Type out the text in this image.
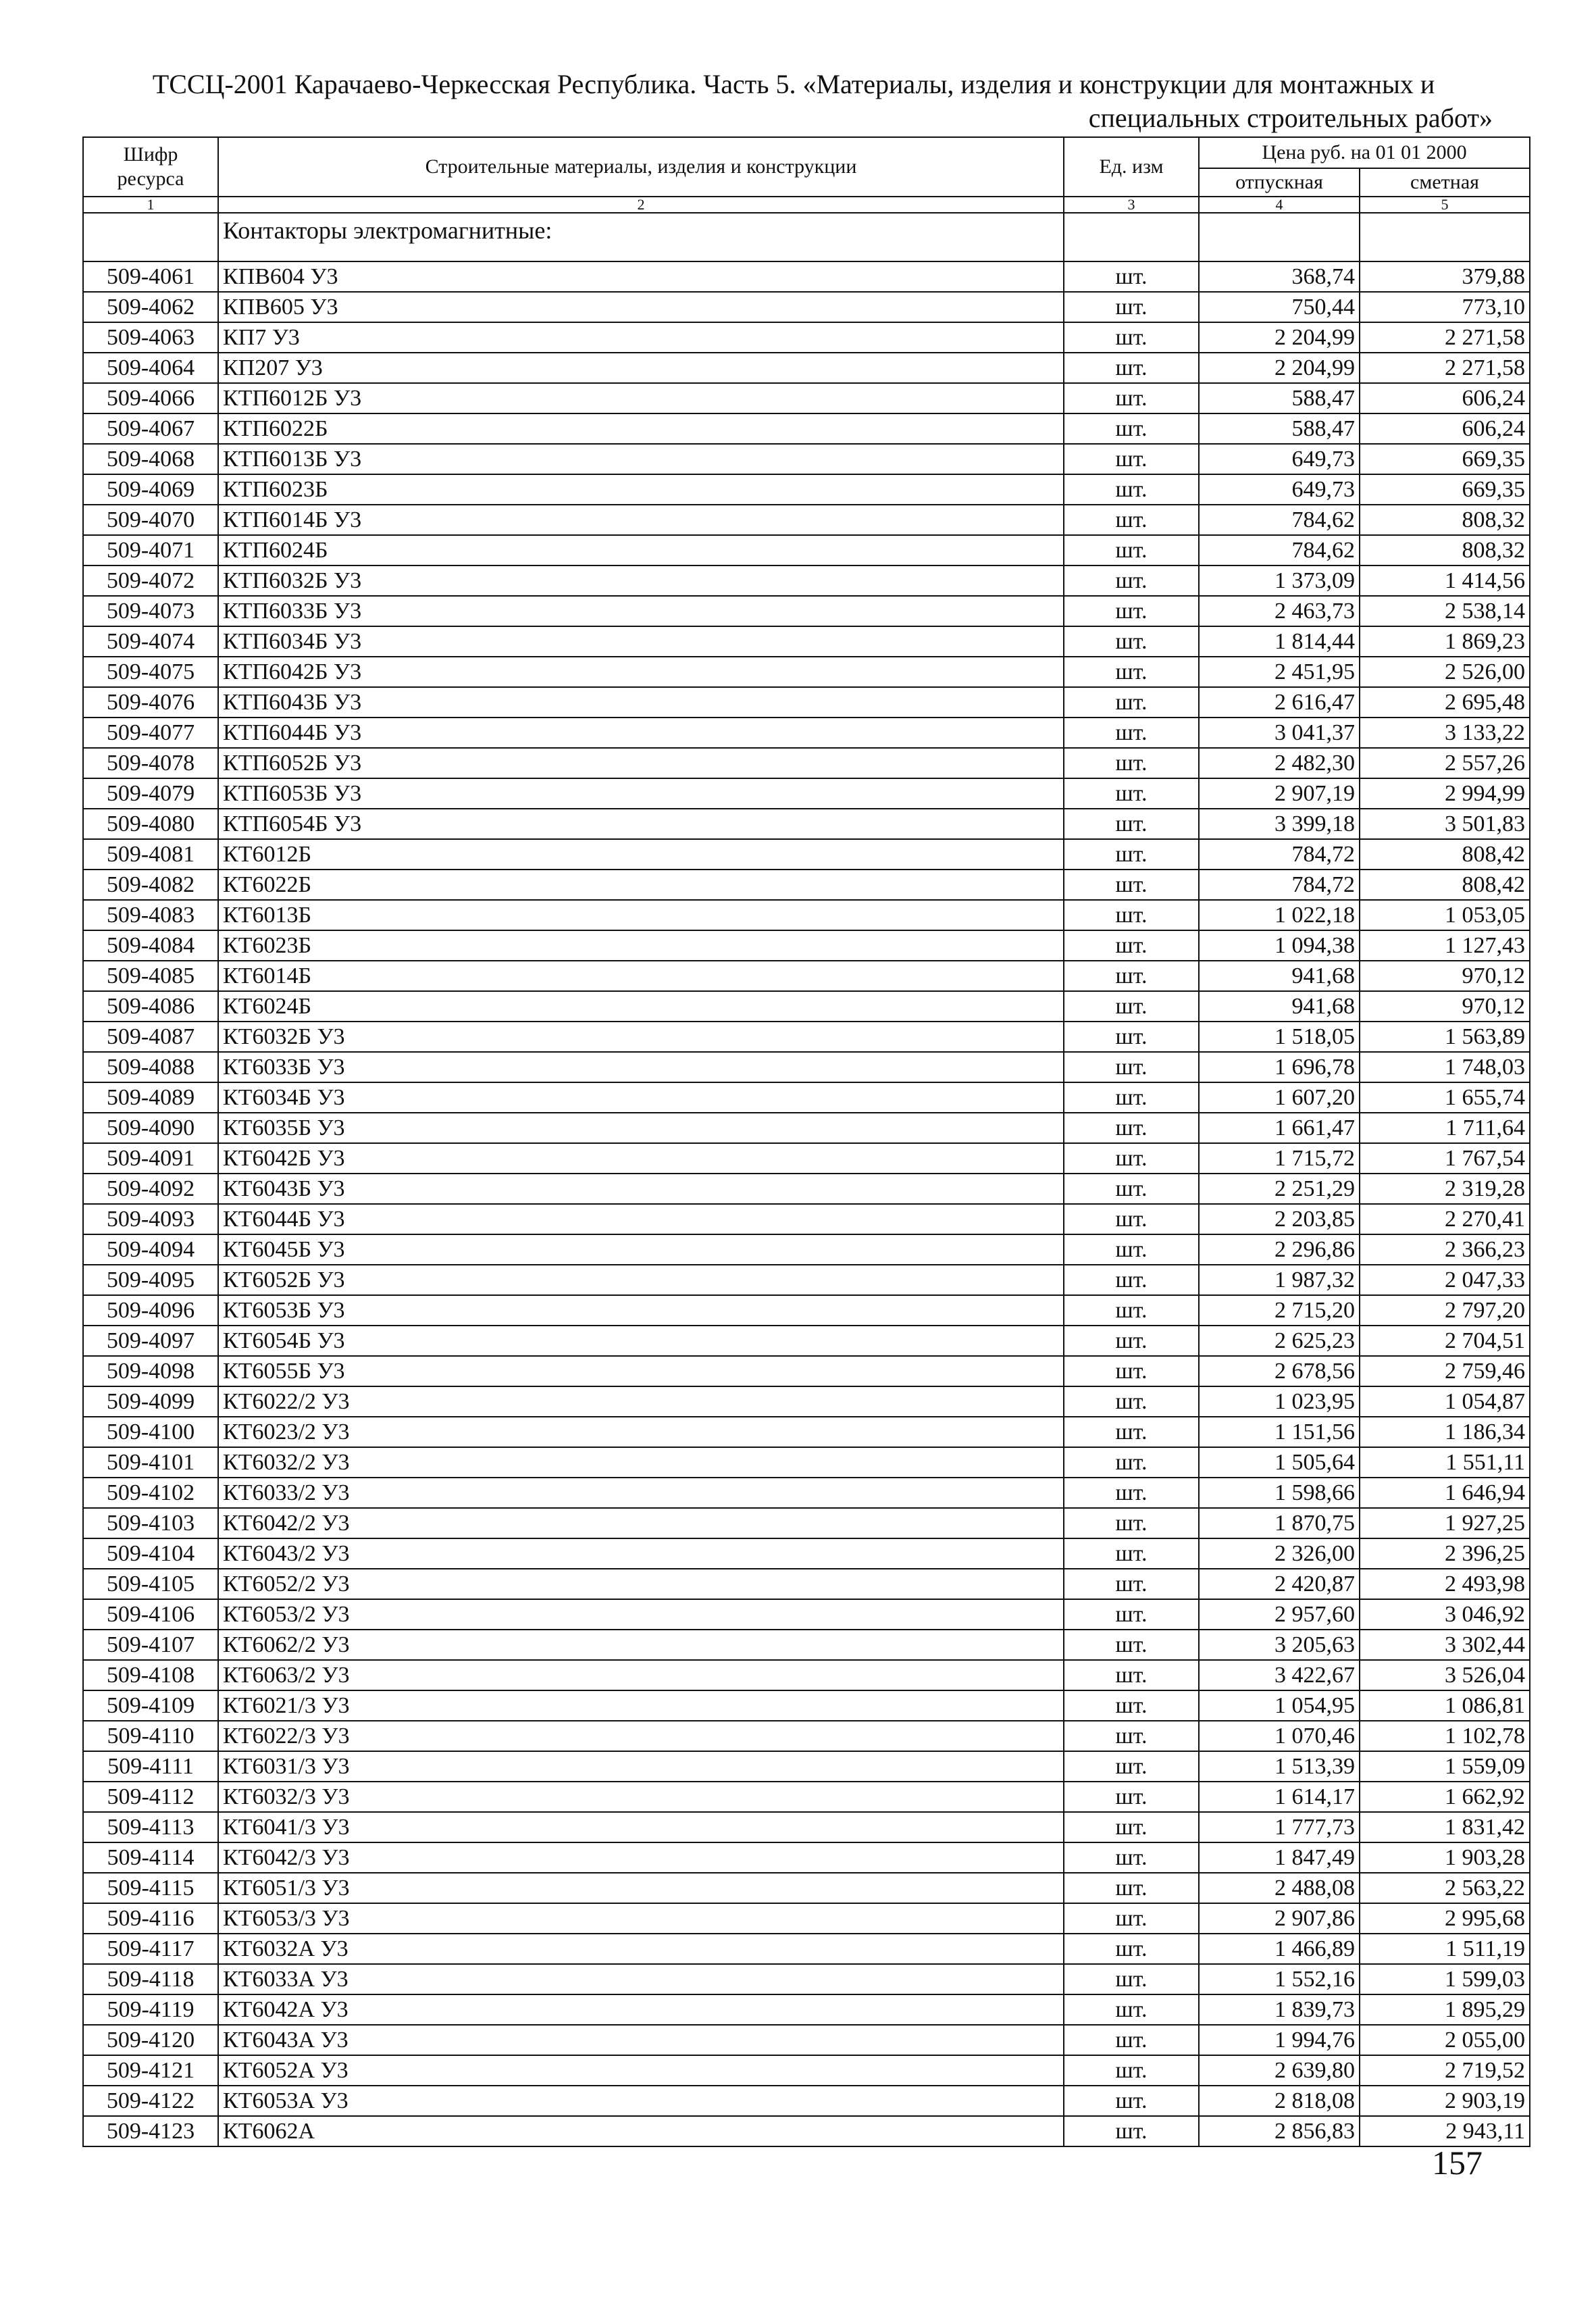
ТССЦ-2001 Карачаево-Черкесская Республика. Часть 5. «Материалы, изделия и конструкции для монтажных и
специальных строительных работ»
Шифр ресурса	Строительные материалы, изделия и конструкции	Ед. изм	Цена руб. на 01 01 2000	
			отпускная	сметная
1	2	3	4	5
	Контакторы электромагнитные:			
509-4061	КПВ604 У3	шт.	368,74	379,88
509-4062	КПВ605 У3	шт.	750,44	773,10
509-4063	КП7 У3	шт.	2 204,99	2 271,58
509-4064	КП207 У3	шт.	2 204,99	2 271,58
509-4066	КТП6012Б У3	шт.	588,47	606,24
509-4067	КТП6022Б	шт.	588,47	606,24
509-4068	КТП6013Б У3	шт.	649,73	669,35
509-4069	КТП6023Б	шт.	649,73	669,35
509-4070	КТП6014Б У3	шт.	784,62	808,32
509-4071	КТП6024Б	шт.	784,62	808,32
509-4072	КТП6032Б У3	шт.	1 373,09	1 414,56
509-4073	КТП6033Б У3	шт.	2 463,73	2 538,14
509-4074	КТП6034Б У3	шт.	1 814,44	1 869,23
509-4075	КТП6042Б У3	шт.	2 451,95	2 526,00
509-4076	КТП6043Б У3	шт.	2 616,47	2 695,48
509-4077	КТП6044Б У3	шт.	3 041,37	3 133,22
509-4078	КТП6052Б У3	шт.	2 482,30	2 557,26
509-4079	КТП6053Б У3	шт.	2 907,19	2 994,99
509-4080	КТП6054Б У3	шт.	3 399,18	3 501,83
509-4081	КТ6012Б	шт.	784,72	808,42
509-4082	КТ6022Б	шт.	784,72	808,42
509-4083	КТ6013Б	шт.	1 022,18	1 053,05
509-4084	КТ6023Б	шт.	1 094,38	1 127,43
509-4085	КТ6014Б	шт.	941,68	970,12
509-4086	КТ6024Б	шт.	941,68	970,12
509-4087	КТ6032Б У3	шт.	1 518,05	1 563,89
509-4088	КТ6033Б У3	шт.	1 696,78	1 748,03
509-4089	КТ6034Б У3	шт.	1 607,20	1 655,74
509-4090	КТ6035Б У3	шт.	1 661,47	1 711,64
509-4091	КТ6042Б У3	шт.	1 715,72	1 767,54
509-4092	КТ6043Б У3	шт.	2 251,29	2 319,28
509-4093	КТ6044Б У3	шт.	2 203,85	2 270,41
509-4094	КТ6045Б У3	шт.	2 296,86	2 366,23
509-4095	КТ6052Б У3	шт.	1 987,32	2 047,33
509-4096	КТ6053Б У3	шт.	2 715,20	2 797,20
509-4097	КТ6054Б У3	шт.	2 625,23	2 704,51
509-4098	КТ6055Б У3	шт.	2 678,56	2 759,46
509-4099	КТ6022/2 У3	шт.	1 023,95	1 054,87
509-4100	КТ6023/2 У3	шт.	1 151,56	1 186,34
509-4101	КТ6032/2 У3	шт.	1 505,64	1 551,11
509-4102	КТ6033/2 У3	шт.	1 598,66	1 646,94
509-4103	КТ6042/2 У3	шт.	1 870,75	1 927,25
509-4104	КТ6043/2 У3	шт.	2 326,00	2 396,25
509-4105	КТ6052/2 У3	шт.	2 420,87	2 493,98
509-4106	КТ6053/2 У3	шт.	2 957,60	3 046,92
509-4107	КТ6062/2 У3	шт.	3 205,63	3 302,44
509-4108	КТ6063/2 У3	шт.	3 422,67	3 526,04
509-4109	КТ6021/3 У3	шт.	1 054,95	1 086,81
509-4110	КТ6022/3 У3	шт.	1 070,46	1 102,78
509-4111	КТ6031/3 У3	шт.	1 513,39	1 559,09
509-4112	КТ6032/3 У3	шт.	1 614,17	1 662,92
509-4113	КТ6041/3 У3	шт.	1 777,73	1 831,42
509-4114	КТ6042/3 У3	шт.	1 847,49	1 903,28
509-4115	КТ6051/3 У3	шт.	2 488,08	2 563,22
509-4116	КТ6053/3 У3	шт.	2 907,86	2 995,68
509-4117	КТ6032А У3	шт.	1 466,89	1 511,19
509-4118	КТ6033А У3	шт.	1 552,16	1 599,03
509-4119	КТ6042А У3	шт.	1 839,73	1 895,29
509-4120	КТ6043А У3	шт.	1 994,76	2 055,00
509-4121	КТ6052А У3	шт.	2 639,80	2 719,52
509-4122	КТ6053А У3	шт.	2 818,08	2 903,19
509-4123	КТ6062А	шт.	2 856,83	2 943,11
157
